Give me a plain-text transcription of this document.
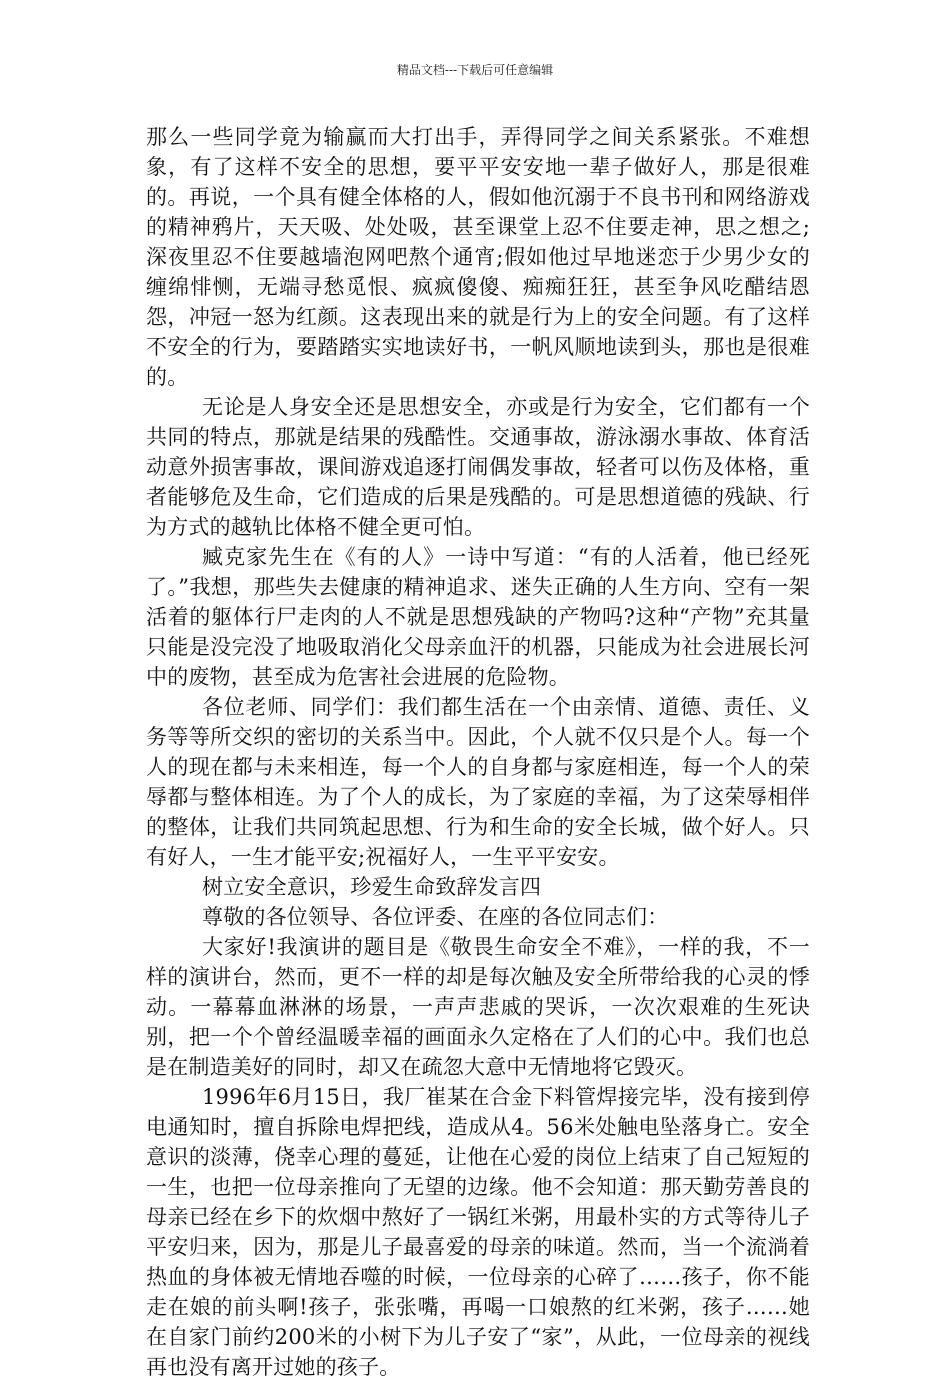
精品文档---下载后可任意编辑

那么一些同学竟为输赢而大打出手，弄得同学之间关系紧张。不难想象，有了这样不安全的思想，要平平安安地一辈子做好人，那是很难的。再说，一个具有健全体格的人，假如他沉溺于不良书刊和网络游戏的精神鸦片，天天吸、处处吸，甚至课堂上忍不住要走神，思之想之;深夜里忍不住要越墙泡网吧熬个通宵;假如他过早地迷恋于少男少女的缠绵悱恻，无端寻愁觅恨、疯疯傻傻、痴痴狂狂，甚至争风吃醋结恩怨，冲冠一怒为红颜。这表现出来的就是行为上的安全问题。有了这样不安全的行为，要踏踏实实地读好书，一帆风顺地读到头，那也是很难的。

无论是人身安全还是思想安全，亦或是行为安全，它们都有一个共同的特点，那就是结果的残酷性。交通事故，游泳溺水事故、体育活动意外损害事故，课间游戏追逐打闹偶发事故，轻者可以伤及体格，重者能够危及生命，它们造成的后果是残酷的。可是思想道德的残缺、行为方式的越轨比体格不健全更可怕。

臧克家先生在《有的人》一诗中写道：“有的人活着，他已经死了。”我想，那些失去健康的精神追求、迷失正确的人生方向、空有一架活着的躯体行尸走肉的人不就是思想残缺的产物吗?这种“产物”充其量只能是没完没了地吸取消化父母亲血汗的机器，只能成为社会进展长河中的废物，甚至成为危害社会进展的危险物。

各位老师、同学们：我们都生活在一个由亲情、道德、责任、义务等等所交织的密切的关系当中。因此，个人就不仅只是个人。每一个人的现在都与未来相连，每一个人的自身都与家庭相连，每一个人的荣辱都与整体相连。为了个人的成长，为了家庭的幸福，为了这荣辱相伴的整体，让我们共同筑起思想、行为和生命的安全长城，做个好人。只有好人，一生才能平安;祝福好人，一生平平安安。

树立安全意识，珍爱生命致辞发言四

尊敬的各位领导、各位评委、在座的各位同志们：

大家好!我演讲的题目是《敬畏生命安全不难》，一样的我，不一样的演讲台，然而，更不一样的却是每次触及安全所带给我的心灵的悸动。一幕幕血淋淋的场景，一声声悲戚的哭诉，一次次艰难的生死诀别，把一个个曾经温暖幸福的画面永久定格在了人们的心中。我们也总是在制造美好的同时，却又在疏忽大意中无情地将它毁灭。

1996年6月15日，我厂崔某在合金下料管焊接完毕，没有接到停电通知时，擅自拆除电焊把线，造成从4。56米处触电坠落身亡。安全意识的淡薄，侥幸心理的蔓延，让他在心爱的岗位上结束了自己短短的一生，也把一位母亲推向了无望的边缘。他不会知道：那天勤劳善良的母亲已经在乡下的炊烟中熬好了一锅红米粥，用最朴实的方式等待儿子平安归来，因为，那是儿子最喜爱的母亲的味道。然而，当一个流淌着热血的身体被无情地吞噬的时候，一位母亲的心碎了……孩子，你不能走在娘的前头啊!孩子，张张嘴，再喝一口娘熬的红米粥，孩子……她在自家门前约200米的小树下为儿子安了“家”，从此，一位母亲的视线再也没有离开过她的孩子。
